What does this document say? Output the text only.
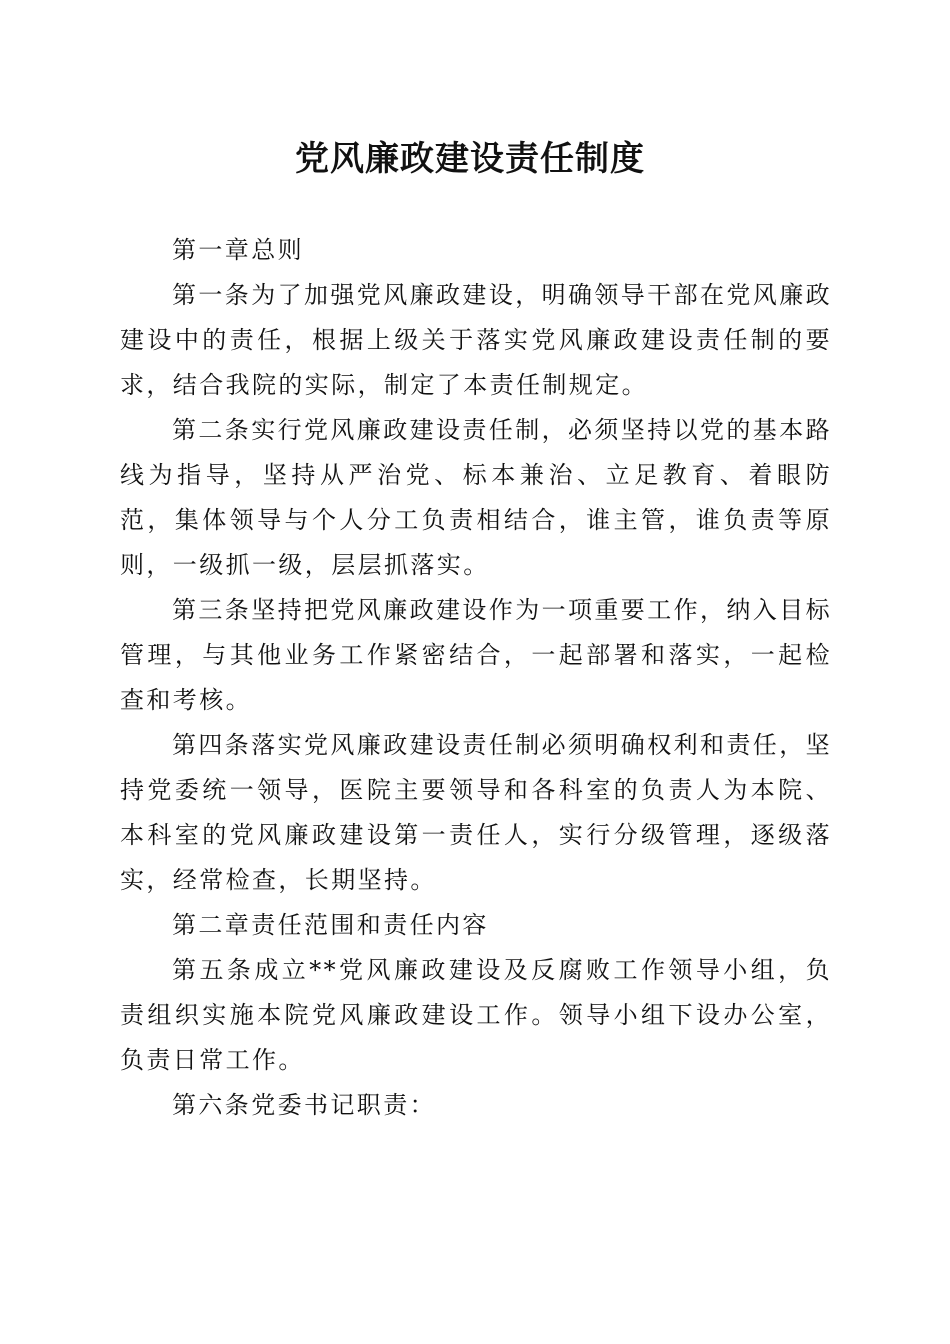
党风廉政建设责任制度

第一章总则

第一条为了加强党风廉政建设，明确领导干部在党风廉政建设中的责任，根据上级关于落实党风廉政建设责任制的要求，结合我院的实际，制定了本责任制规定。

第二条实行党风廉政建设责任制，必须坚持以党的基本路线为指导，坚持从严治党、标本兼治、立足教育、着眼防范，集体领导与个人分工负责相结合，谁主管，谁负责等原则，一级抓一级，层层抓落实。

第三条坚持把党风廉政建设作为一项重要工作，纳入目标管理，与其他业务工作紧密结合，一起部署和落实，一起检查和考核。

第四条落实党风廉政建设责任制必须明确权利和责任，坚持党委统一领导，医院主要领导和各科室的负责人为本院、本科室的党风廉政建设第一责任人，实行分级管理，逐级落实，经常检查，长期坚持。

第二章责任范围和责任内容

第五条成立**党风廉政建设及反腐败工作领导小组，负责组织实施本院党风廉政建设工作。领导小组下设办公室，负责日常工作。

第六条党委书记职责：
